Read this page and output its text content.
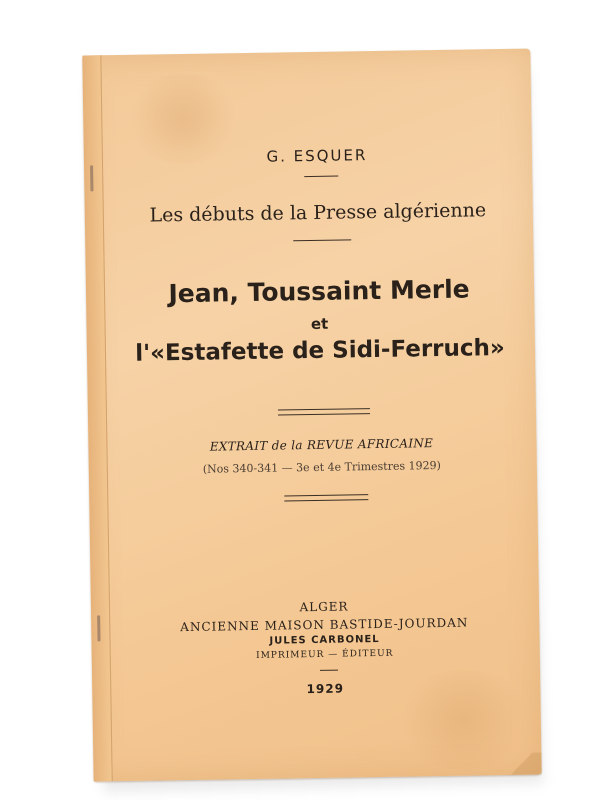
G. ESQUER
Les débuts de la Presse algérienne
Jean, Toussaint Merle
et
l'«Estafette de Sidi-Ferruch»
EXTRAIT de la REVUE AFRICAINE
(Nos 340-341 — 3e et 4e Trimestres 1929)
ALGER
ANCIENNE MAISON BASTIDE-JOURDAN
JULES CARBONEL
IMPRIMEUR — ÉDITEUR
1929
